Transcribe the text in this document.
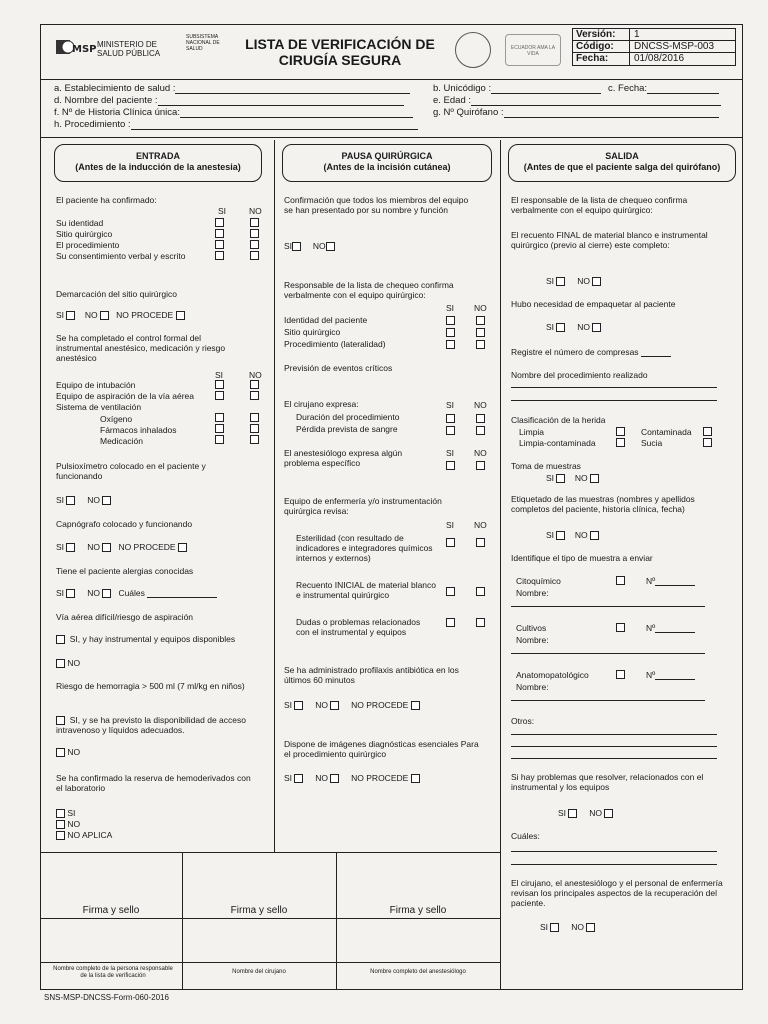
MSP MINISTERIO DE SALUD PÚBLICA
SUBSISTEMA NACIONAL DE SALUD	LISTA DE VERIFICACIÓN DE CIRUGÍA SEGURA
ECUADOR AMA LA VIDA
Versión:	1
Código:	DNCSS-MSP-003
Fecha:	01/08/2016
a. Establecimiento de salud :	b. Unicódigo :	c. Fecha:
d. Nombre del paciente :	e. Edad :
f. Nº de Historia Clínica única:	g. Nº Quirófano :
h. Procedimiento :
ENTRADA
(Antes de la inducción de la anestesia)
PAUSA QUIRÚRGICA
(Antes de la incisión cutánea)
SALIDA
(Antes de que el paciente salga del quirófano)
El paciente ha confirmado:
SI	NO
Su identidad
Sitio quirúrgico
El procedimiento
Su consentimiento verbal y escrito

Demarcación del sitio quirúrgico
SI NO NO PROCEDE
Se ha completado el control formal del instrumental anestésico, medicación y riesgo anestésico
SI	NO
Equipo de intubación
Equipo de aspiración de la vía aérea
Sistema de ventilación
Oxígeno
Fármacos inhalados
Medicación

Pulsioxímetro colocado en el paciente y funcionando
SI	NO
Capnógrafo colocado y funcionando
SI	NO NO PROCEDE
Tiene el paciente alergias conocidas
SI	NO Cuáles
Vía aérea difícil/riesgo de aspiración
SI, y hay instrumental y equipos disponibles
NO
Riesgo de hemorragia > 500 ml (7 ml/kg en niños)
SI, y se ha previsto la disponibilidad de acceso intravenoso y líquidos adecuados.
NO
Se ha confirmado la reserva de hemoderivados con el laboratorio
SI
NO
NO APLICA
Confirmación que todos los miembros del equipo se han presentado por su nombre y función
SI NO
Responsable de la lista de chequeo confirma verbalmente con el equipo quirúrgico:
SI NO
Identidad del paciente
Sitio quirúrgico
Procedimiento (lateralidad)

Previsión de eventos críticos
El cirujano expresa:	SI NO
Duración del procedimiento
Pérdida prevista de sangre

El anestesiólogo expresa algún problema específico
SI NO
Equipo de enfermería y/o instrumentación quirúrgica revisa:
SI NO
Esterilidad (con resultado de indicadores e integradores químicos internos y externos)
Recuento INICIAL de material blanco e instrumental quirúrgico
Dudas o problemas relacionados con el instrumental y equipos
Se ha administrado profilaxis antibiótica en los últimos 60 minutos
SI	NO	NO PROCEDE
Dispone de imágenes diagnósticas esenciales Para el procedimiento quirúrgico
SI	NO	NO PROCEDE
El responsable de la lista de chequeo confirma verbalmente con el equipo quirúrgico:
El recuento FINAL de material blanco e instrumental quirúrgico (previo al cierre) este completo:
SI	NO
Hubo necesidad de empaquetar al paciente
SI	NO
Registre el número de compresas
Nombre del procedimiento realizado
Clasificación de la herida
Limpia	Contaminada
Limpia-contaminada	Sucia
Toma de muestras
SI NO
Etiquetado de las muestras (nombres y apellidos completos del paciente, historia clínica, fecha)
SI NO
Identifique el tipo de muestra a enviar
Citoquímico	Nº
Nombre:
Cultivos	Nº
Nombre:
Anatomopatológico	Nº
Nombre:
Otros:
Si hay problemas que resolver, relacionados con el instrumental y los equipos
SI	NO
Cuáles:
El cirujano, el anestesiólogo y el personal de enfermería revisan los principales aspectos de la recuperación del paciente.
SI	NO
Firma y sello	Firma y sello	Firma y sello
Nombre completo de la persona responsable de la lista de verificación
Nombre del cirujano	Nombre completo del anestesiólogo
SNS-MSP-DNCSS-Form-060-2016
